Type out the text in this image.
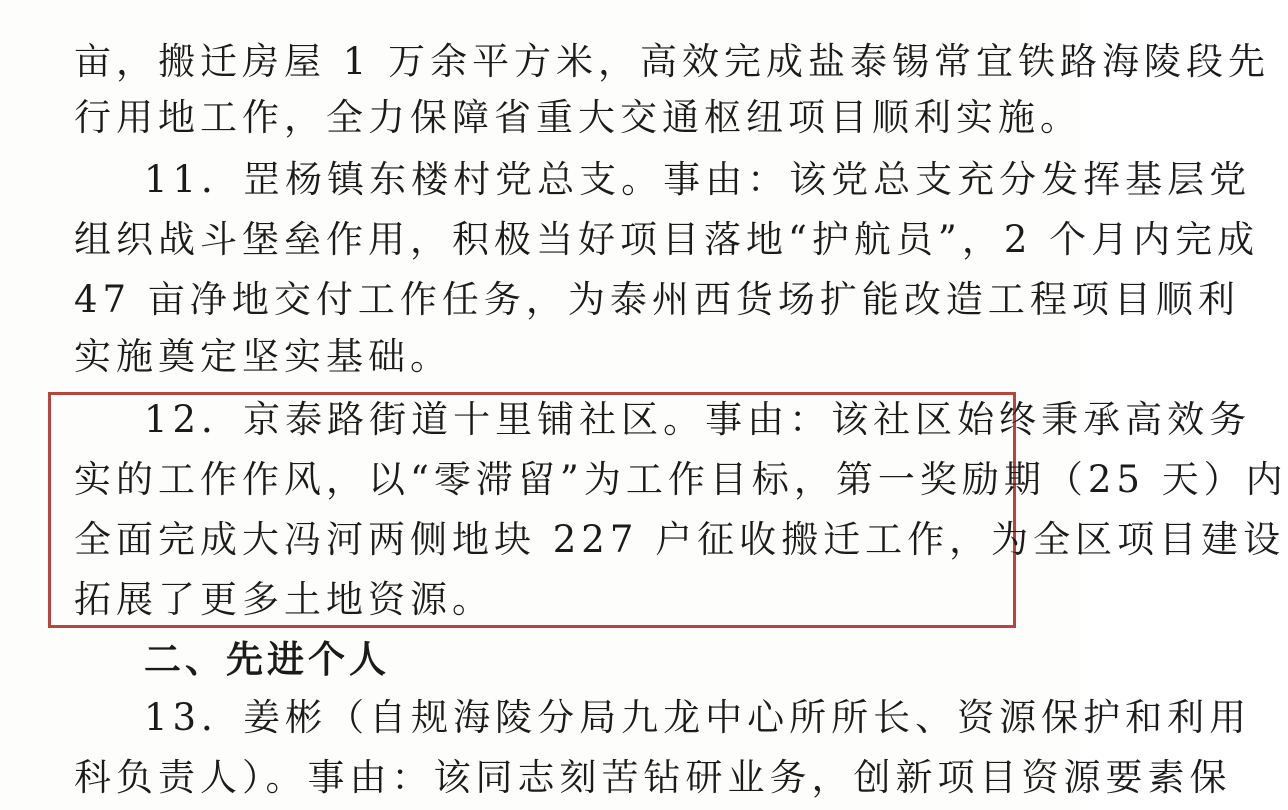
亩，搬迁房屋 1 万余平方米，高效完成盐泰锡常宜铁路海陵段先
行用地工作，全力保障省重大交通枢纽项目顺利实施。
11．罡杨镇东楼村党总支。事由：该党总支充分发挥基层党
组织战斗堡垒作用，积极当好项目落地“护航员”，2 个月内完成
47 亩净地交付工作任务，为泰州西货场扩能改造工程项目顺利
实施奠定坚实基础。
12．京泰路街道十里铺社区。事由：该社区始终秉承高效务
实的工作作风，以“零滞留”为工作目标，第一奖励期（25 天）内
全面完成大冯河两侧地块 227 户征收搬迁工作，为全区项目建设
拓展了更多土地资源。
二、先进个人
13．姜彬（自规海陵分局九龙中心所所长、资源保护和利用
科负责人）。事由：该同志刻苦钻研业务，创新项目资源要素保
